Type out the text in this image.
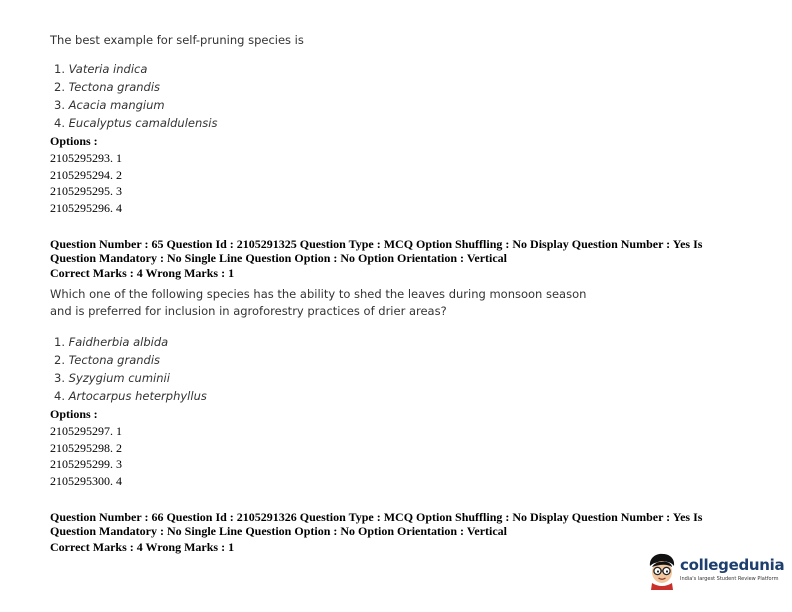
The best example for self-pruning species is
1. Vateria indica
2. Tectona grandis
3. Acacia mangium
4. Eucalyptus camaldulensis
Options :
2105295293. 1
2105295294. 2
2105295295. 3
2105295296. 4
Question Number : 65 Question Id : 2105291325 Question Type : MCQ Option Shuffling : No Display Question Number : Yes Is
Question Mandatory : No Single Line Question Option : No Option Orientation : Vertical
Correct Marks : 4 Wrong Marks : 1
Which one of the following species has the ability to shed the leaves during monsoon season
and is preferred for inclusion in agroforestry practices of drier areas?
1. Faidherbia albida
2. Tectona grandis
3. Syzygium cuminii
4. Artocarpus heterphyllus
Options :
2105295297. 1
2105295298. 2
2105295299. 3
2105295300. 4
Question Number : 66 Question Id : 2105291326 Question Type : MCQ Option Shuffling : No Display Question Number : Yes Is
Question Mandatory : No Single Line Question Option : No Option Orientation : Vertical
Correct Marks : 4 Wrong Marks : 1
collegedunia
India's largest Student Review Platform
